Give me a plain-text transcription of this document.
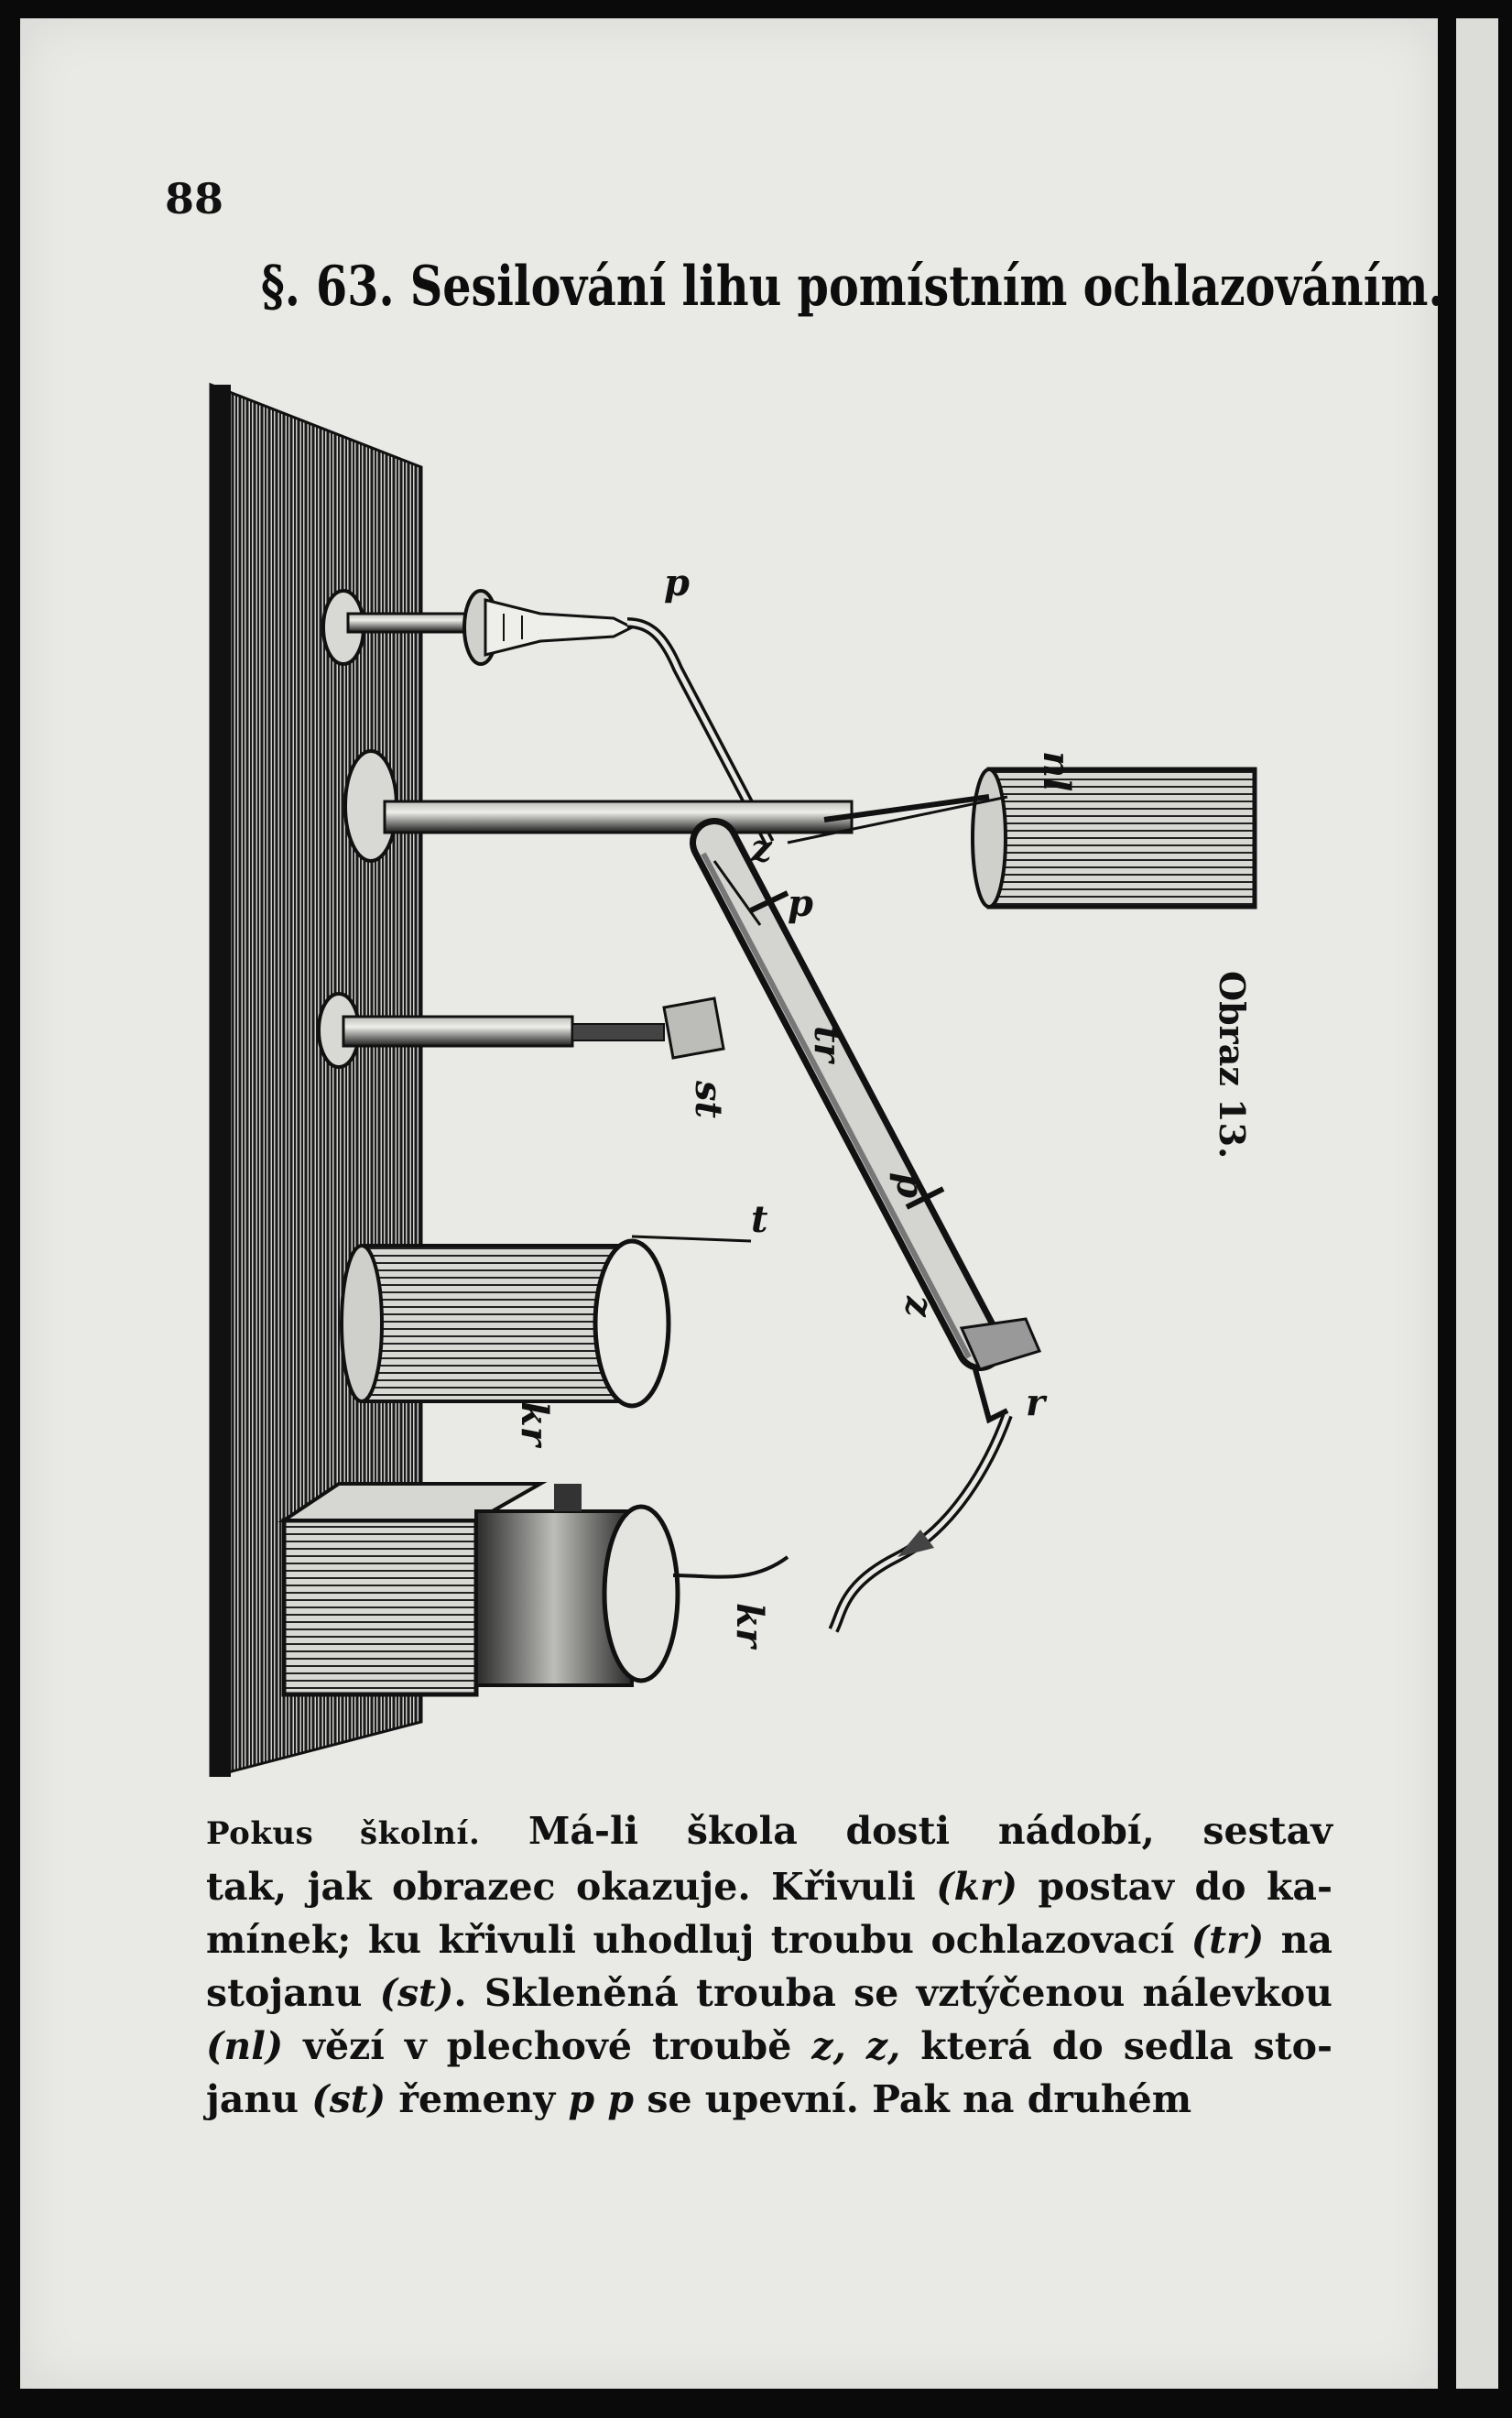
88
§. 63. Sesilování lihu pomístním ochlazováním.
p
nl
z
p
tr
st
t
p
z
kr	r
kr
Obraz 13.
Pokus školní. Má-li škola dosti nádobí, sestav
tak, jak obrazec okazuje. Křivuli (kr) postav do ka-
mínek; ku křivuli uhodluj troubu ochlazovací (tr) na
stojanu (st). Skleněná trouba se vztýčenou nálevkou
(nl) vězí v plechové troubě z, z, která do sedla sto-
janu (st) řemeny p p se upevní. Pak na druhém
